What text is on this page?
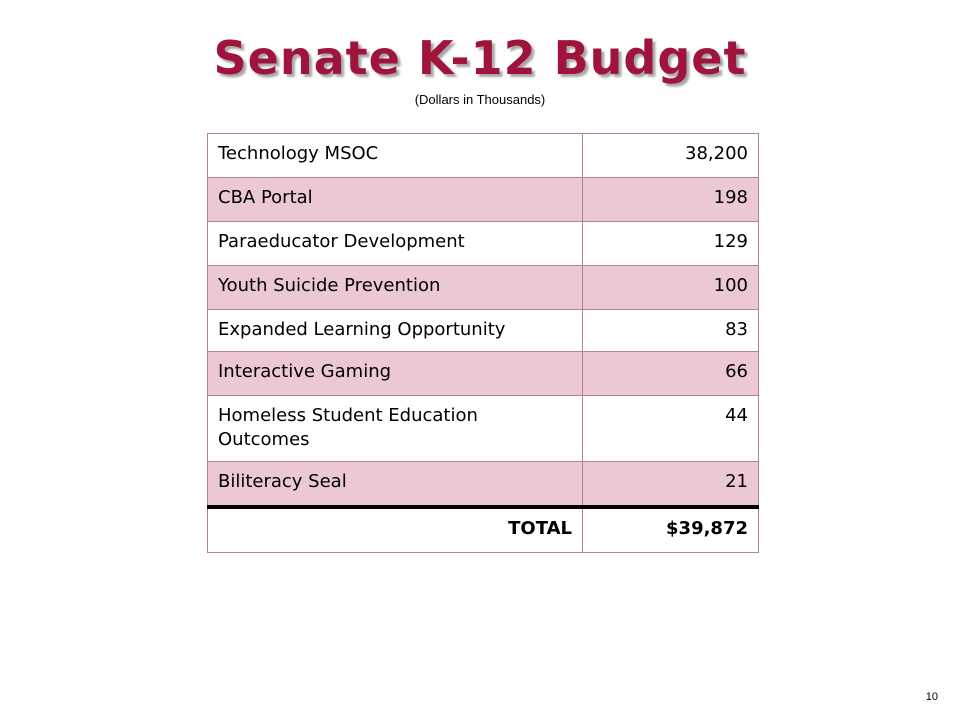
Senate K-12 Budget

(Dollars in Thousands)

Technology MSOC	38,200
CBA Portal	198
Paraeducator Development	129
Youth Suicide Prevention	100
Expanded Learning Opportunity	83
Interactive Gaming	66
Homeless Student Education Outcomes	44
Biliteracy Seal	21
TOTAL	$39,872
10
